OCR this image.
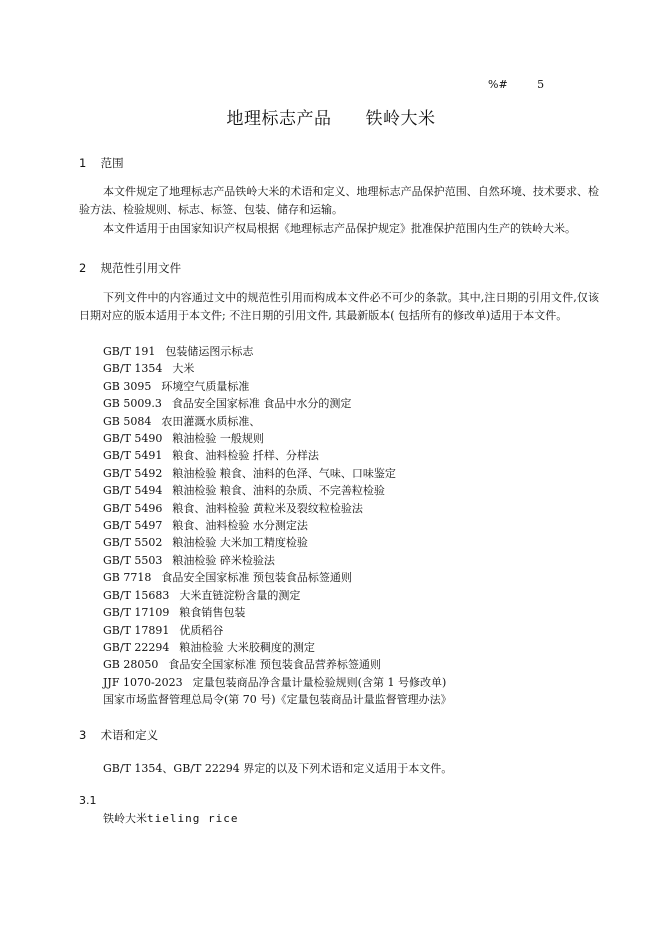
%#	5
地理标志产品 铁岭大米
1 范围

本文件规定了地理标志产品铁岭大米的术语和定义、地理标志产品保护范围、自然环境、技术要求、检验方法、检验规则、标志、标签、包装、储存和运输。

本文件适用于由国家知识产权局根据《地理标志产品保护规定》批准保护范围内生产的铁岭大米。

2 规范性引用文件

下列文件中的内容通过文中的规范性引用而构成本文件必不可少的条款。其中,注日期的引用文件,仅该日期对应的版本适用于本文件; 不注日期的引用文件, 其最新版本( 包括所有的修改单)适用于本文件。

GB/T 191 包装储运图示标志
GB/T 1354 大米
GB 3095 环境空气质量标准
GB 5009.3 食品安全国家标准 食品中水分的测定
GB 5084 农田灌溉水质标准、
GB/T 5490 粮油检验 一般规则
GB/T 5491 粮食、油料检验 扦样、分样法
GB/T 5492 粮油检验 粮食、油料的色泽、气味、口味鉴定
GB/T 5494 粮油检验 粮食、油料的杂质、不完善粒检验
GB/T 5496 粮食、油料检验 黄粒米及裂纹粒检验法
GB/T 5497 粮食、油料检验 水分测定法
GB/T 5502 粮油检验 大米加工精度检验
GB/T 5503 粮油检验 碎米检验法
GB 7718 食品安全国家标准 预包装食品标签通则
GB/T 15683 大米直链淀粉含量的测定
GB/T 17109 粮食销售包装
GB/T 17891 优质稻谷
GB/T 22294 粮油检验 大米胶稠度的测定
GB 28050 食品安全国家标准 预包装食品营养标签通则
JJF 1070-2023 定量包装商品净含量计量检验规则(含第 1 号修改单)
国家市场监督管理总局令(第 70 号)《定量包装商品计量监督管理办法》
3 术语和定义

GB/T 1354、GB/T 22294 界定的以及下列术语和定义适用于本文件。

3.1
铁岭大米tieling rice
